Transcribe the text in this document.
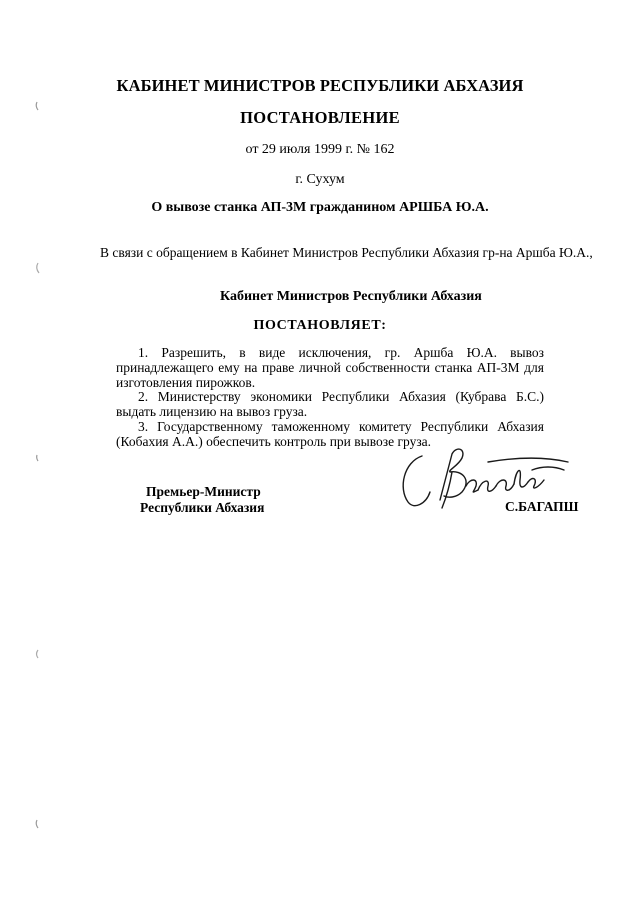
КАБИНЕТ МИНИСТРОВ РЕСПУБЛИКИ АБХАЗИЯ
ПОСТАНОВЛЕНИЕ
от 29 июля 1999 г. № 162
г. Сухум
О вывозе станка АП-3М гражданином АРШБА Ю.А.
В связи с обращением в Кабинет Министров Республики Абхазия гр-на Аршба Ю.А.,
Кабинет Министров Республики Абхазия
ПОСТАНОВЛЯЕТ:

1. Разрешить, в виде исключения, гр. Аршба Ю.А. вывоз принадлежащего ему на праве личной собственности станка АП-3М для изготовления пирожков.

2. Министерству экономики Республики Абхазия (Кубрава Б.С.) выдать лицензию на вывоз груза.

3. Государственному таможенному комитету Республики Абхазия (Кобахия А.А.) обеспечить контроль при вывозе груза.

Премьер-Министр
Республики Абхазия	С.БАГАПШ
